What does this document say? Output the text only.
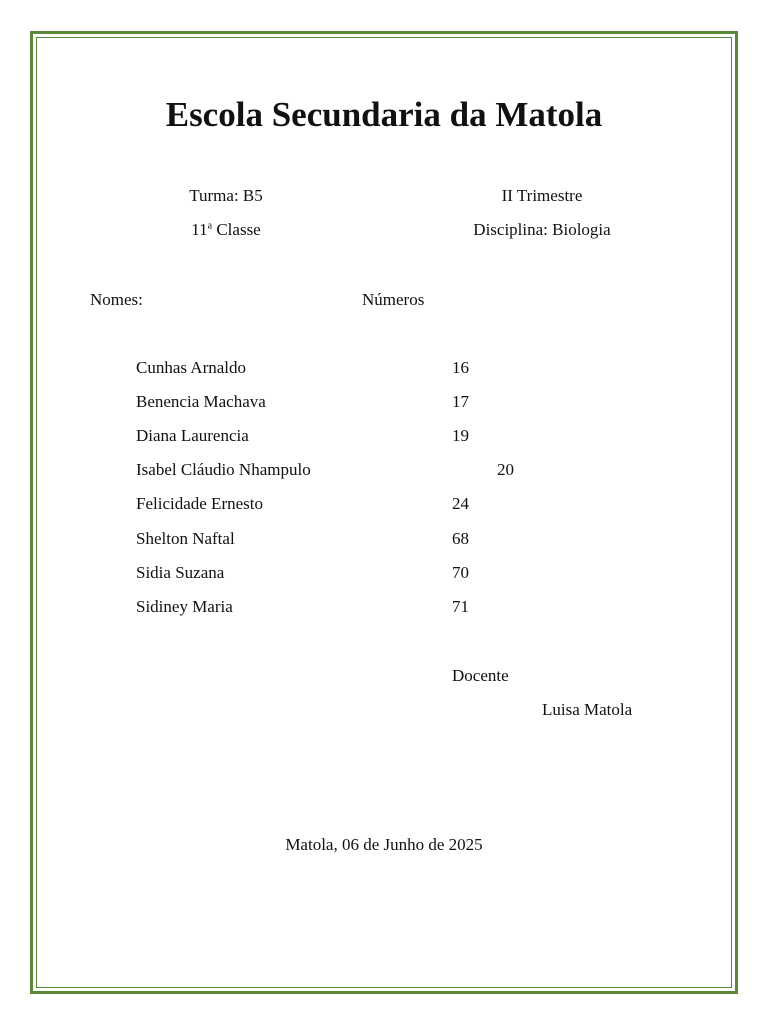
Escola Secundaria da Matola
Turma: B5	II Trimestre
11$^a$ Classe	Disciplina: Biologia
Nomes:	Números
Cunhas Arnaldo	16
Benencia Machava	17
Diana Laurencia	19
Isabel Cláudio Nhampulo	20
Felicidade Ernesto	24
Shelton Naftal	68
Sidia Suzana	70
Sidiney Maria	71
Docente
Luisa Matola
Matola, 06 de Junho de 2025
